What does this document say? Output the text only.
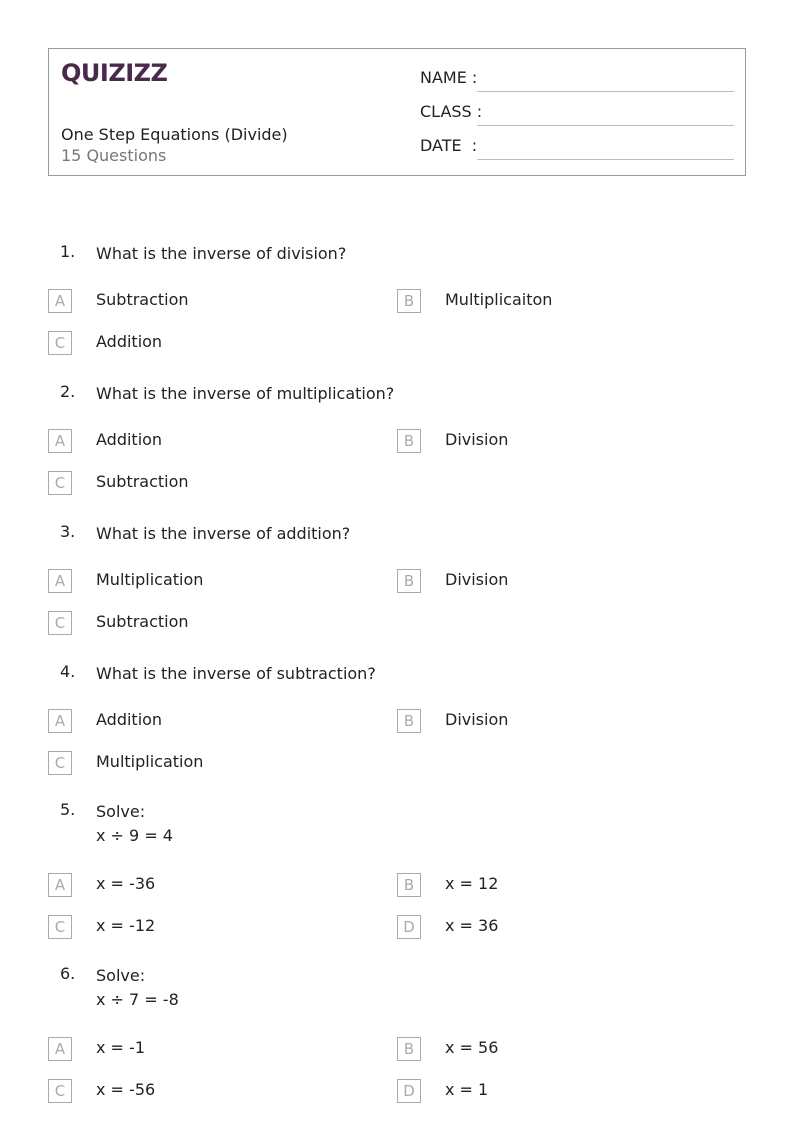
QUIZIZZ
One Step Equations (Divide)
15 Questions
NAME :
CLASS :
DATE  :
1. What is the inverse of division?
A	Subtraction	B	Multiplicaiton
C	Addition
2. What is the inverse of multiplication?
A	Addition	B	Division
C	Subtraction
3. What is the inverse of addition?
A	Multiplication	B	Division
C	Subtraction
4. What is the inverse of subtraction?
A	Addition	B	Division
C	Multiplication
5. Solve:
x ÷ 9 = 4
A	x = -36	B	x = 12
C	x = -12	D	x = 36
6. Solve:
x ÷ 7 = -8
A	x = -1	B	x = 56
C	x = -56	D	x = 1
